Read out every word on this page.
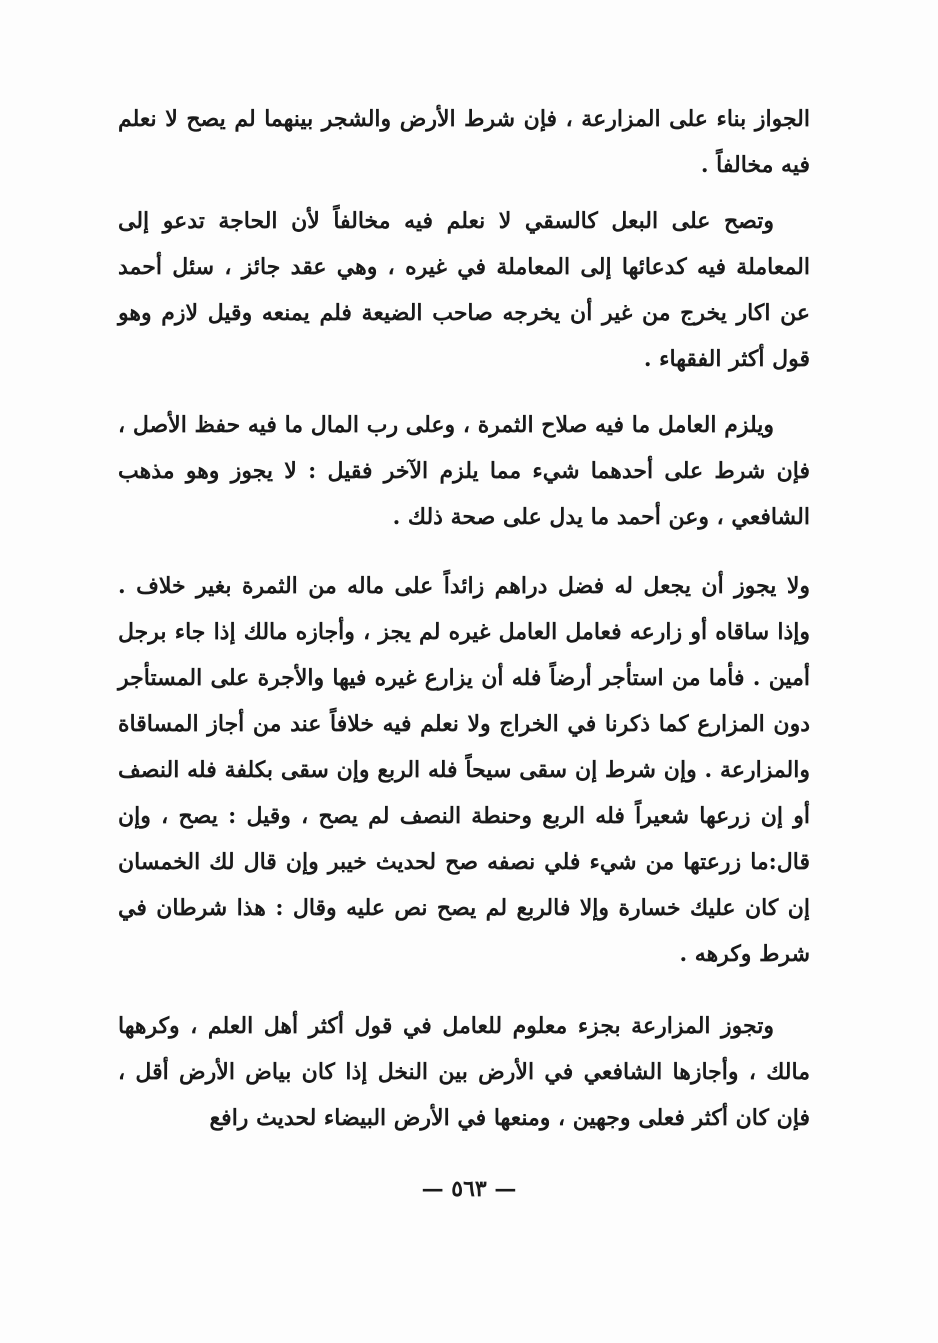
الجواز بناء على المزارعة ، فإن شرط الأرض والشجر بينهما لم يصح لا نعلم فيه مخالفاً .

وتصح على البعل كالسقي لا نعلم فيه مخالفاً لأن الحاجة تدعو إلى المعاملة فيه كدعائها إلى المعاملة في غيره ، وهي عقد جائز ، سئل أحمد عن اكار يخرج من غير أن يخرجه صاحب الضيعة فلم يمنعه وقيل لازم وهو قول أكثر الفقهاء .

ويلزم العامل ما فيه صلاح الثمرة ، وعلى رب المال ما فيه حفظ الأصل ، فإن شرط على أحدهما شيء مما يلزم الآخر فقيل : لا يجوز وهو مذهب الشافعي ، وعن أحمد ما يدل على صحة ذلك .

ولا يجوز أن يجعل له فضل دراهم زائداً على ماله من الثمرة بغير خلاف . وإذا ساقاه أو زارعه فعامل العامل غيره لم يجز ، وأجازه مالك إذا جاء برجل أمين . فأما من استأجر أرضاً فله أن يزارع غيره فيها والأجرة على المستأجر دون المزارع كما ذكرنا في الخراج ولا نعلم فيه خلافاً عند من أجاز المساقاة والمزارعة . وإن شرط إن سقى سيحاً فله الربع وإن سقى بكلفة فله النصف أو إن زرعها شعيراً فله الربع وحنطة النصف لم يصح ، وقيل : يصح ، وإن قال:ما زرعتها من شيء فلي نصفه صح لحديث خيبر وإن قال لك الخمسان إن كان عليك خسارة وإلا فالربع لم يصح نص عليه وقال : هذا شرطان في شرط وكرهه .

وتجوز المزارعة بجزء معلوم للعامل في قول أكثر أهل العلم ، وكرهها مالك ، وأجازها الشافعي في الأرض بين النخل إذا كان بياض الأرض أقل ، فإن كان أكثر فعلى وجهين ، ومنعها في الأرض البيضاء لحديث رافع

— ٥٦٣ —
